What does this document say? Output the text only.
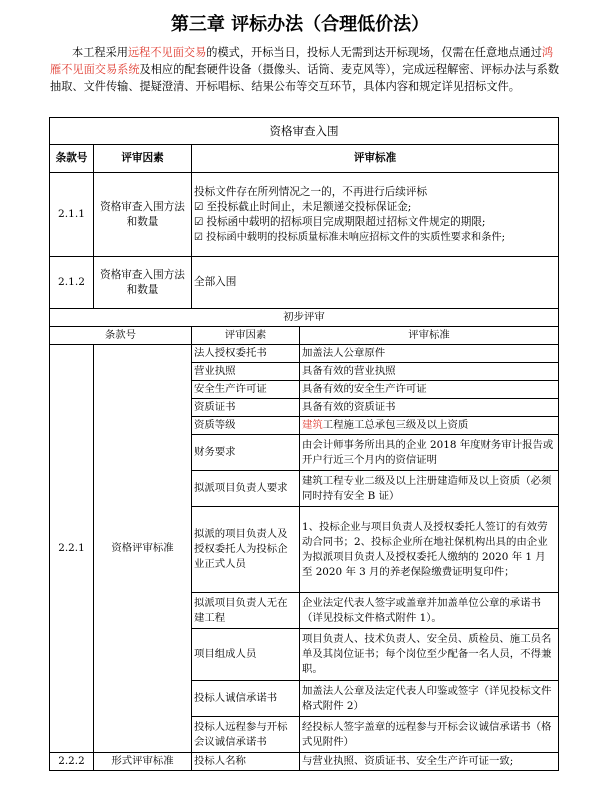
第三章 评标办法（合理低价法）

本工程采用远程不见面交易的模式，开标当日，投标人无需到达开标现场，仅需在任意地点通过鸿雁不见面交易系统及相应的配套硬件设备（摄像头、话筒、麦克风等），完成远程解密、评标办法与系数抽取、文件传输、提疑澄清、开标唱标、结果公布等交互环节，具体内容和规定详见招标文件。

资格审查入围			
条款号	评审因素	评审标准	
2.1.1	资格审查入围方法和数量	投标文件存在所列情况之一的，不再进行后续评标
☑ 至投标截止时间止，未足额递交投标保证金;
☑ 投标函中载明的招标项目完成期限超过招标文件规定的期限;
☑ 投标函中载明的投标质量标准未响应招标文件的实质性要求和条件;	

2.1.2	资格审查入围方法和数量	全部入围	
初步评审			
条款号		评审因素	评审标准
2.2.1	资格评审标准	法人授权委托书	加盖法人公章原件
		营业执照	具备有效的营业执照
		安全生产许可证	具备有效的安全生产许可证
		资质证书	具备有效的资质证书
		资质等级	建筑工程施工总承包三级及以上资质
		财务要求	由会计师事务所出具的企业 2018 年度财务审计报告或开户行近三个月内的资信证明
		拟派项目负责人要求	建筑工程专业二级及以上注册建造师及以上资质（必须同时持有安全 B 证）
		拟派的项目负责人及授权委托人为投标企业正式人员	1、投标企业与项目负责人及授权委托人签订的有效劳动合同书；2、投标企业所在地社保机构出具的由企业为拟派项目负责人及授权委托人缴纳的 2020 年 1 月至 2020 年 3 月的养老保险缴费证明复印件；
		拟派项目负责人无在建工程	企业法定代表人签字或盖章并加盖单位公章的承诺书（详见投标文件格式附件 1）。
		项目组成人员	项目负责人、技术负责人、安全员、质检员、施工员名单及其岗位证书；每个岗位至少配备一名人员，不得兼职。
		投标人诚信承诺书	加盖法人公章及法定代表人印鉴或签字（详见投标文件格式附件 2）
		投标人远程参与开标会议诚信承诺书	经投标人签字盖章的远程参与开标会议诚信承诺书（格式见附件）
2.2.2	形式评审标准	投标人名称	与营业执照、资质证书、安全生产许可证一致;
